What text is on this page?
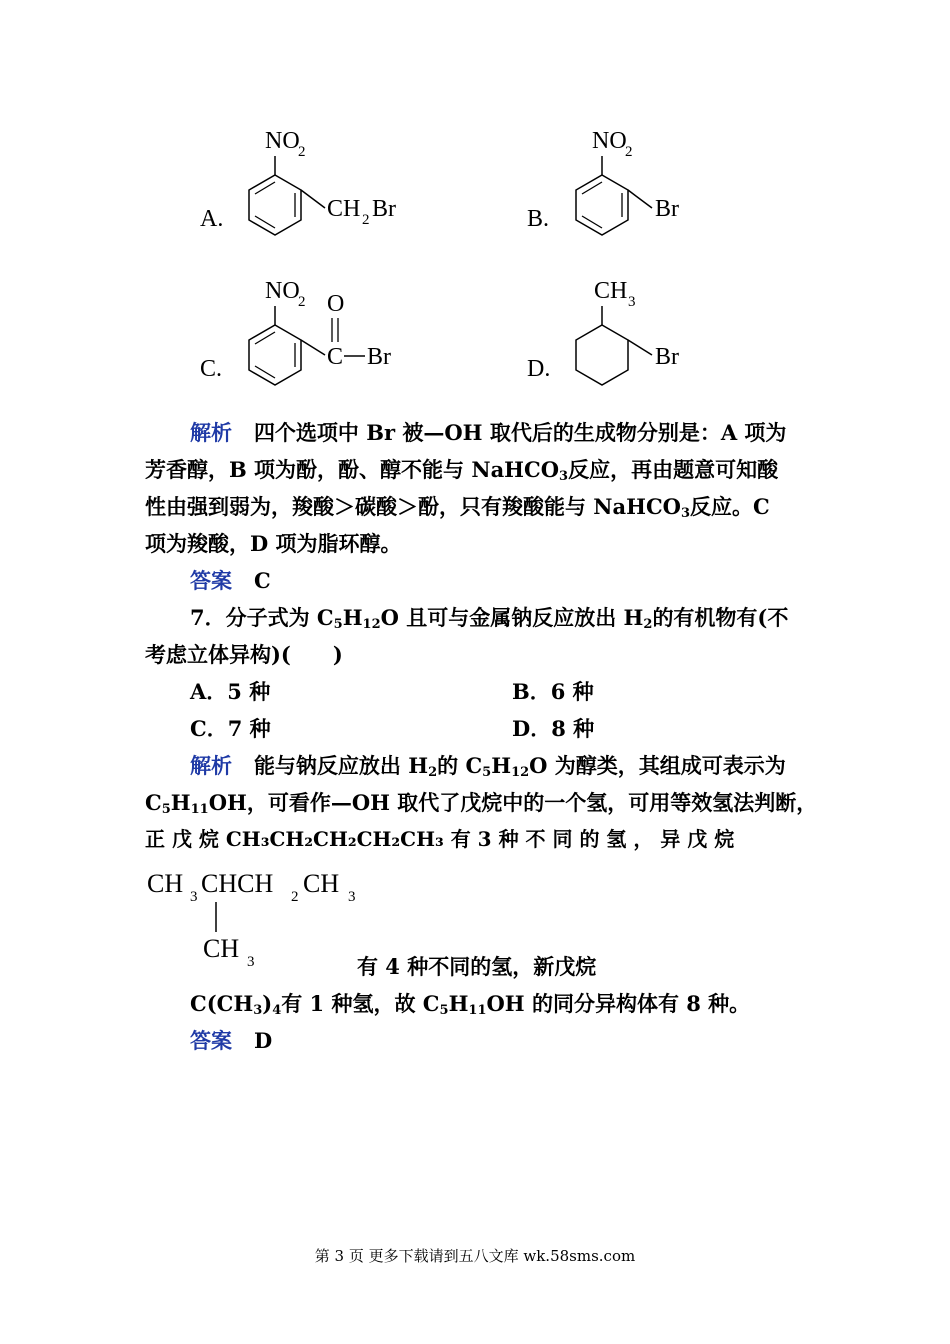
A.
NO
2
CH 2 Br	B.
NO
2
Br
C.
NO
2 O
C Br	D.
CH 3
Br
解析 四个选项中 Br 被—OH 取代后的生成物分别是：A 项为
芳香醇，B 项为酚，酚、醇不能与 NaHCO$_3$反应，再由题意可知酸
性由强到弱为，羧酸＞碳酸＞酚，只有羧酸能与 NaHCO$_3$反应。C
项为羧酸，D 项为脂环醇。
答案 C
7．分子式为 $C_5H_{12}O$ 且可与金属钠反应放出 $H_2$的有机物有(不
考虑立体异构)(　　)
A．5 种	B．6 种
C．7 种	D．8 种
解析 能与钠反应放出 $H_2$的 $C_5H_{12}O$ 为醇类，其组成可表示为
$C_5H_{11}OH$，可看作—OH 取代了戊烷中的一个氢，可用等效氢法判断，
正 戊 烷 CH₃CH₂CH₂CH₂CH₃ 有 3 种 不 同 的 氢 ， 异 戊 烷
CH 3 CHCH 2 CH 3
CH 3	有 4 种不同的氢，新戊烷
$C(CH_3)_4$有 1 种氢，故 $C_5H_{11}OH$ 的同分异构体有 8 种。
答案 D
第 3 页 更多下载请到五八文库 wk.58sms.com
